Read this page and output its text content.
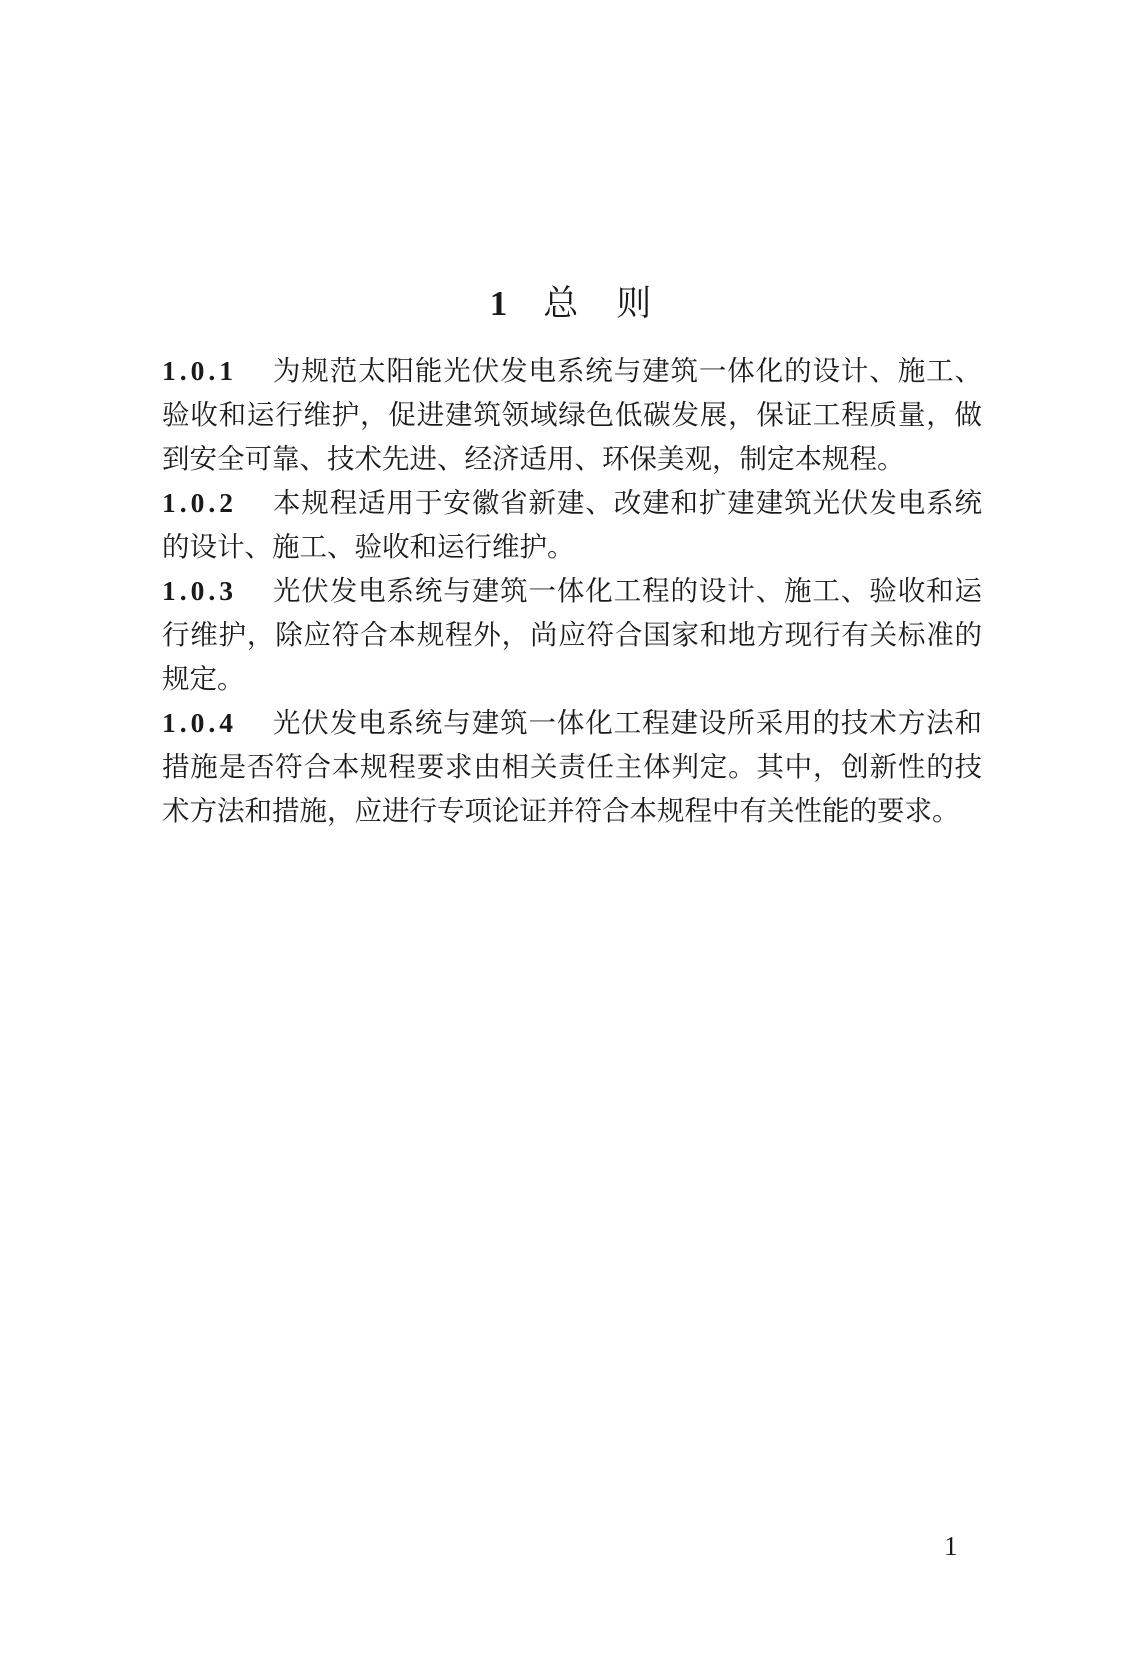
1 总则

1.0.1 为规范太阳能光伏发电系统与建筑一体化的设计、施工、验收和运行维护，促进建筑领域绿色低碳发展，保证工程质量，做到安全可靠、技术先进、经济适用、环保美观，制定本规程。

1.0.2 本规程适用于安徽省新建、改建和扩建建筑光伏发电系统的设计、施工、验收和运行维护。

1.0.3 光伏发电系统与建筑一体化工程的设计、施工、验收和运行维护，除应符合本规程外，尚应符合国家和地方现行有关标准的规定。

1.0.4 光伏发电系统与建筑一体化工程建设所采用的技术方法和措施是否符合本规程要求由相关责任主体判定。其中，创新性的技术方法和措施，应进行专项论证并符合本规程中有关性能的要求。

1
